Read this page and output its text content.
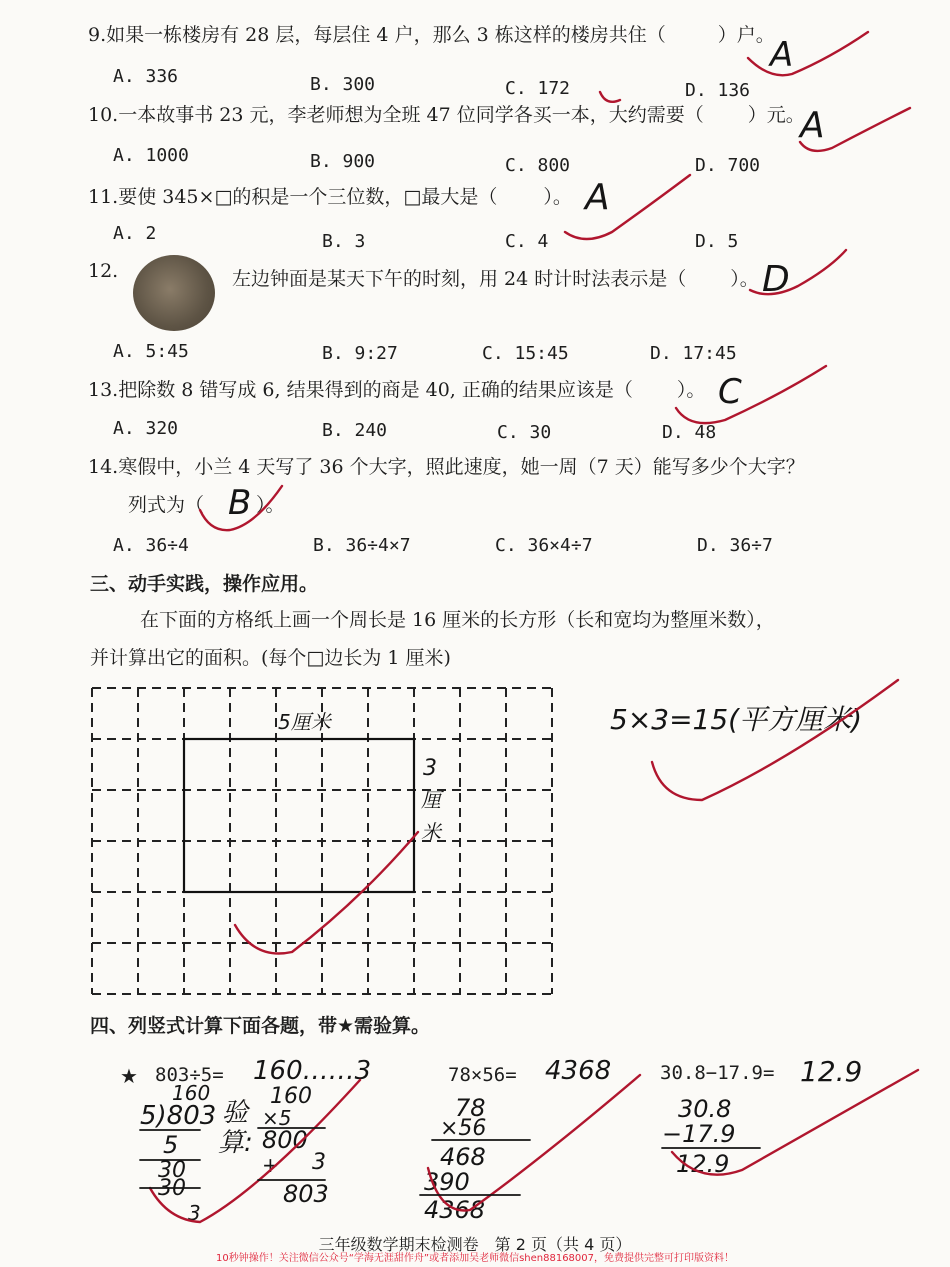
9.如果一栋楼房有 28 层，每层住 4 户，那么 3 栋这样的楼房共住（	）户。
A
A. 336	B. 300	C. 172	D. 136
10.一本故事书 23 元，李老师想为全班 47 位同学各买一本，大约需要（ ）元。
A
A. 1000	B. 900	C. 800	D. 700
11.要使 345×□的积是一个三位数，□最大是（ ）。 A
A. 2	B. 3	C. 4	D. 5
12.	左边钟面是某天下午的时刻，用 24 时计时法表示是（ ）。 D
A. 5:45	B. 9:27	C. 15:45	D. 17:45
13.把除数 8 错写成 6, 结果得到的商是 40, 正确的结果应该是（ ）。 C
A. 320	B. 240	C. 30	D. 48
14.寒假中，小兰 4 天写了 36 个大字，照此速度，她一周（7 天）能写多少个大字？
列式为（	）。
B
A. 36÷4	B. 36÷4×7	C. 36×4÷7	D. 36÷7
三、动手实践，操作应用。
在下面的方格纸上画一个周长是 16 厘米的长方形（长和宽均为整厘米数），
并计算出它的面积。(每个□边长为 1 厘米)
5厘米
3
厘
米
5×3=15(平方厘米)
四、列竖式计算下面各题，带★需验算。
★ 803÷5= 160……3	78×56= 4368	30.8−17.9= 12.9
160
5)803 验
算:
5
30
30
3
160
×5
800
+ 3
803
78
×56
468
390
4368
30.8
−17.9
12.9
三年级数学期末检测卷　第 2 页（共 4 页）
10秒钟操作！关注微信公众号“学海无涯甜作舟”或者添加吴老师微信shen88168007，免费提供完整可打印版资料！
